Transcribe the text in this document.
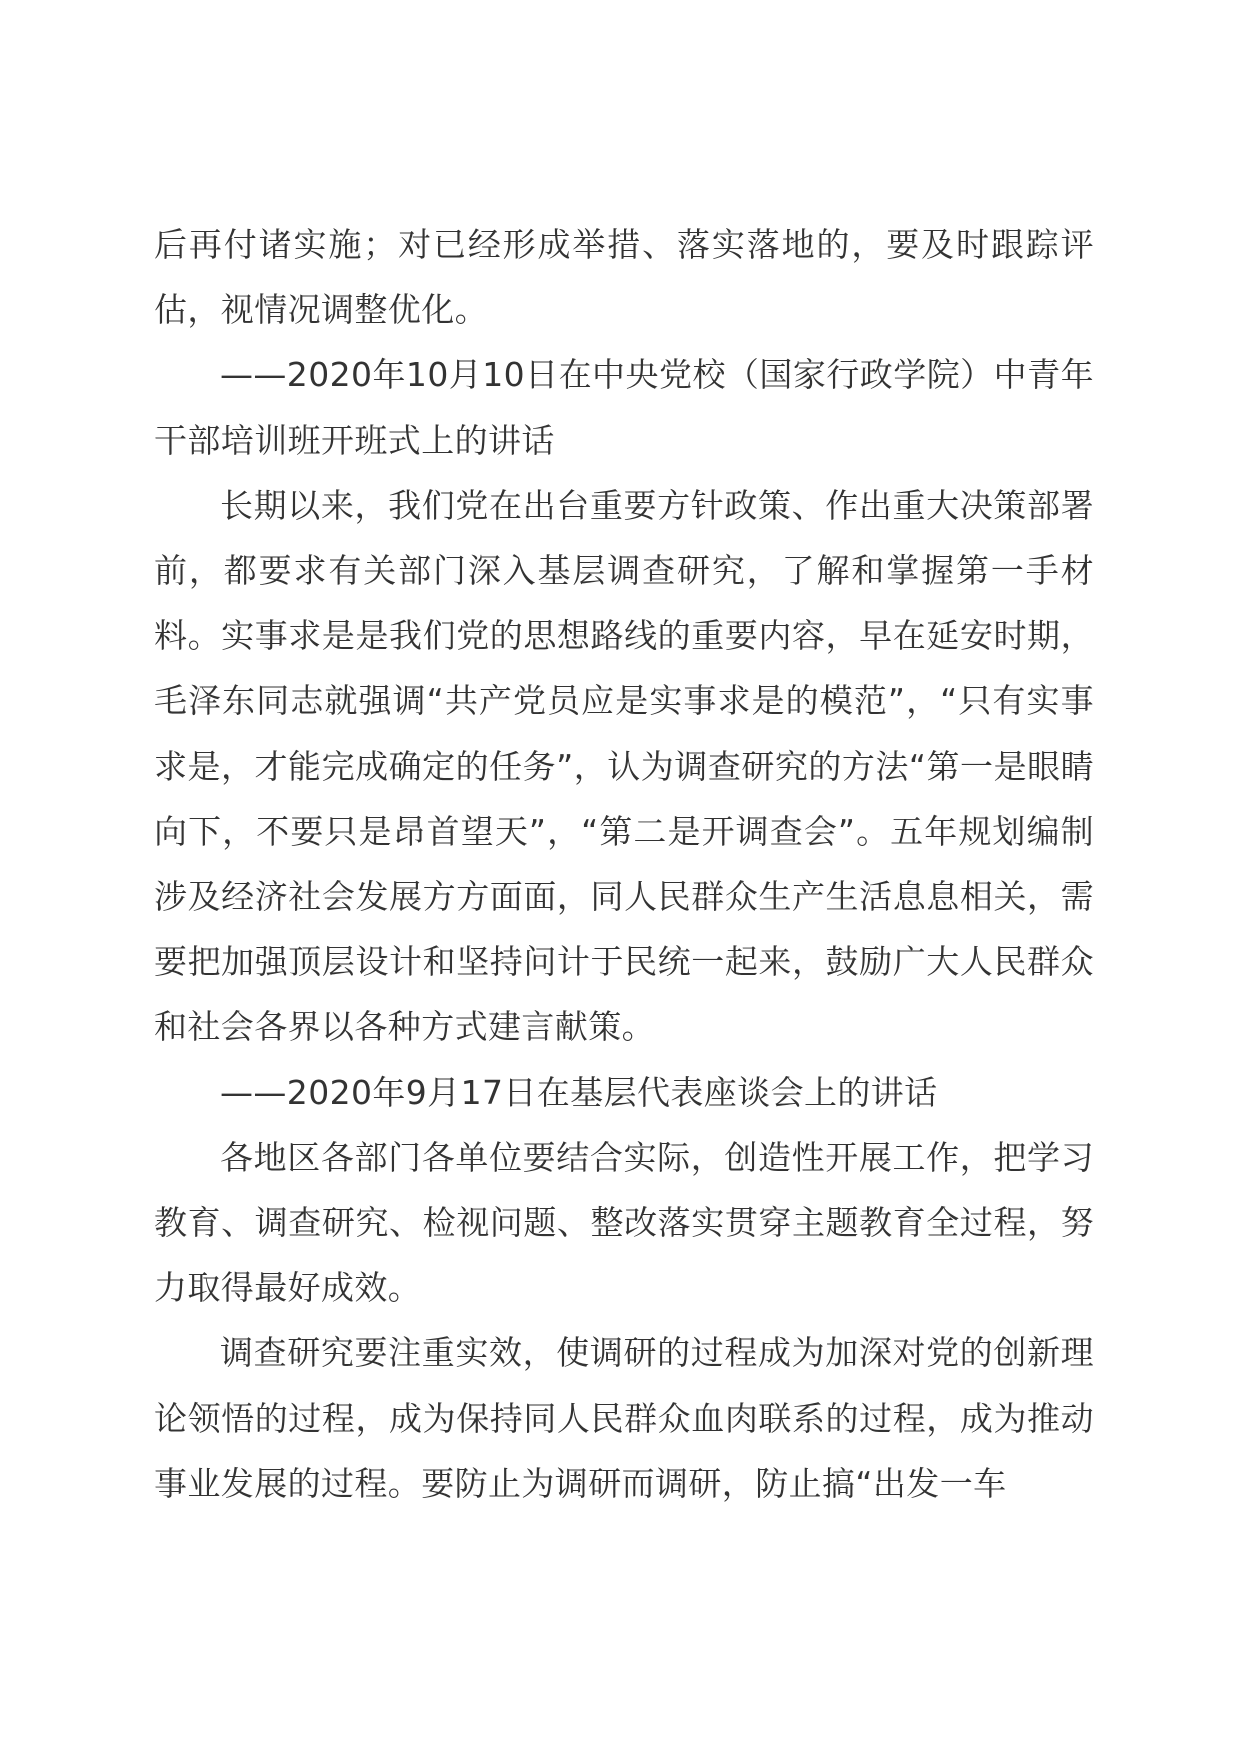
后再付诸实施；对已经形成举措、落实落地的，要及时跟踪评估，视情况调整优化。

——2020年10月10日在中央党校（国家行政学院）中青年干部培训班开班式上的讲话

长期以来，我们党在出台重要方针政策、作出重大决策部署前，都要求有关部门深入基层调查研究，了解和掌握第一手材料。实事求是是我们党的思想路线的重要内容，早在延安时期，毛泽东同志就强调“共产党员应是实事求是的模范”，“只有实事求是，才能完成确定的任务”，认为调查研究的方法“第一是眼睛向下，不要只是昂首望天”，“第二是开调查会”。五年规划编制涉及经济社会发展方方面面，同人民群众生产生活息息相关，需要把加强顶层设计和坚持问计于民统一起来，鼓励广大人民群众和社会各界以各种方式建言献策。

——2020年9月17日在基层代表座谈会上的讲话

各地区各部门各单位要结合实际，创造性开展工作，把学习教育、调查研究、检视问题、整改落实贯穿主题教育全过程，努力取得最好成效。

调查研究要注重实效，使调研的过程成为加深对党的创新理论领悟的过程，成为保持同人民群众血肉联系的过程，成为推动事业发展的过程。要防止为调研而调研，防止搞“出发一车
